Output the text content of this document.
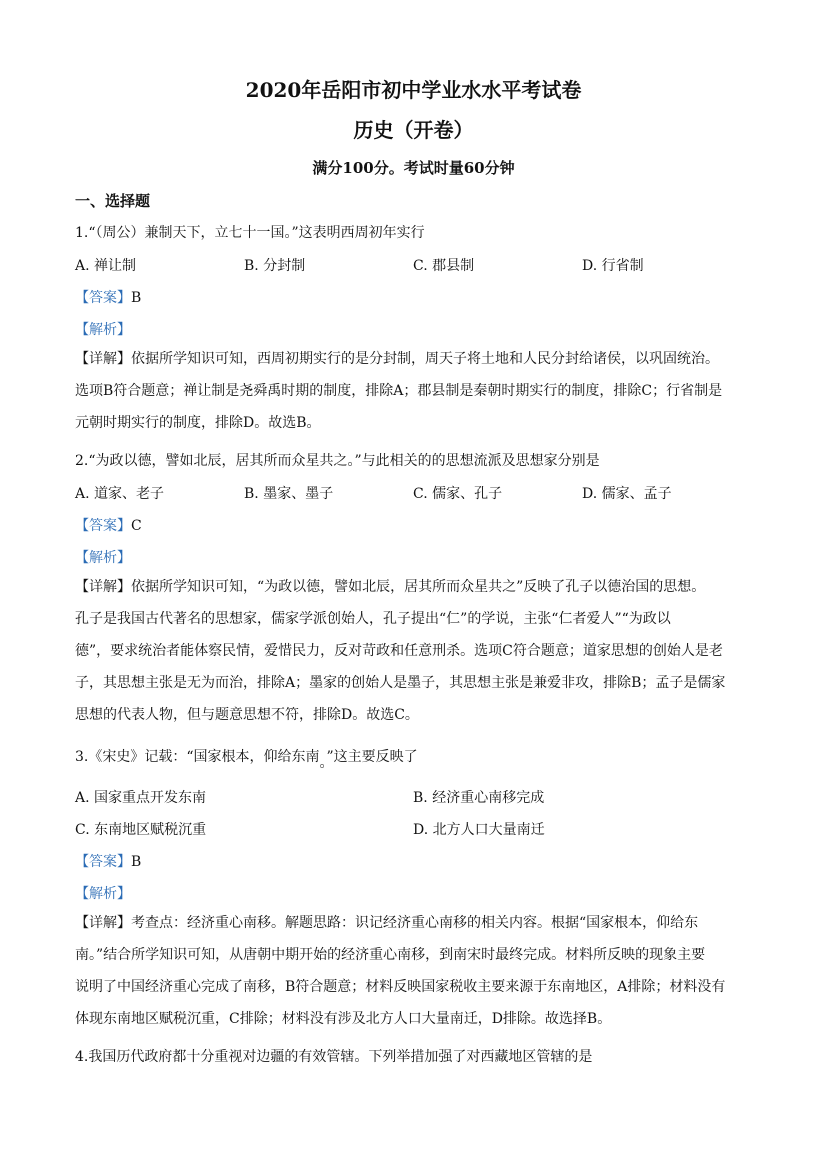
2020年岳阳市初中学业水水平考试卷
历史（开卷）
满分100分。考试时量60分钟
一、选择题
1.“（周公）兼制天下，立七十一国。”这表明西周初年实行
A. 禅让制	B. 分封制	C. 郡县制	D. 行省制
【答案】B
【解析】
【详解】依据所学知识可知，西周初期实行的是分封制，周天子将土地和人民分封给诸侯，以巩固统治。
选项B符合题意；禅让制是尧舜禹时期的制度，排除A；郡县制是秦朝时期实行的制度，排除C；行省制是
元朝时期实行的制度，排除D。故选B。
2.“为政以德，譬如北辰，居其所而众星共之。”与此相关的的思想流派及思想家分别是
A. 道家、老子	B. 墨家、墨子	C. 儒家、孔子	D. 儒家、孟子
【答案】C
【解析】
【详解】依据所学知识可知，“为政以德，譬如北辰，居其所而众星共之”反映了孔子以德治国的思想。
孔子是我国古代著名的思想家，儒家学派创始人，孔子提出“仁”的学说，主张“仁者爱人”“为政以
德”，要求统治者能体察民情，爱惜民力，反对苛政和任意刑杀。选项C符合题意；道家思想的创始人是老
子，其思想主张是无为而治，排除A；墨家的创始人是墨子，其思想主张是兼爱非攻，排除B；孟子是儒家
思想的代表人物，但与题意思想不符，排除D。故选C。
3.《宋史》记载：“国家根本，仰给东南。”这主要反映了
A. 国家重点开发东南	B. 经济重心南移完成
C. 东南地区赋税沉重	D. 北方人口大量南迁
【答案】B
【解析】
【详解】考查点：经济重心南移。解题思路：识记经济重心南移的相关内容。根据“国家根本，仰给东
南。”结合所学知识可知，从唐朝中期开始的经济重心南移，到南宋时最终完成。材料所反映的现象主要
说明了中国经济重心完成了南移，B符合题意；材料反映国家税收主要来源于东南地区，A排除；材料没有
体现东南地区赋税沉重，C排除；材料没有涉及北方人口大量南迁，D排除。故选择B。
4.我国历代政府都十分重视对边疆的有效管辖。下列举措加强了对西藏地区管辖的是
